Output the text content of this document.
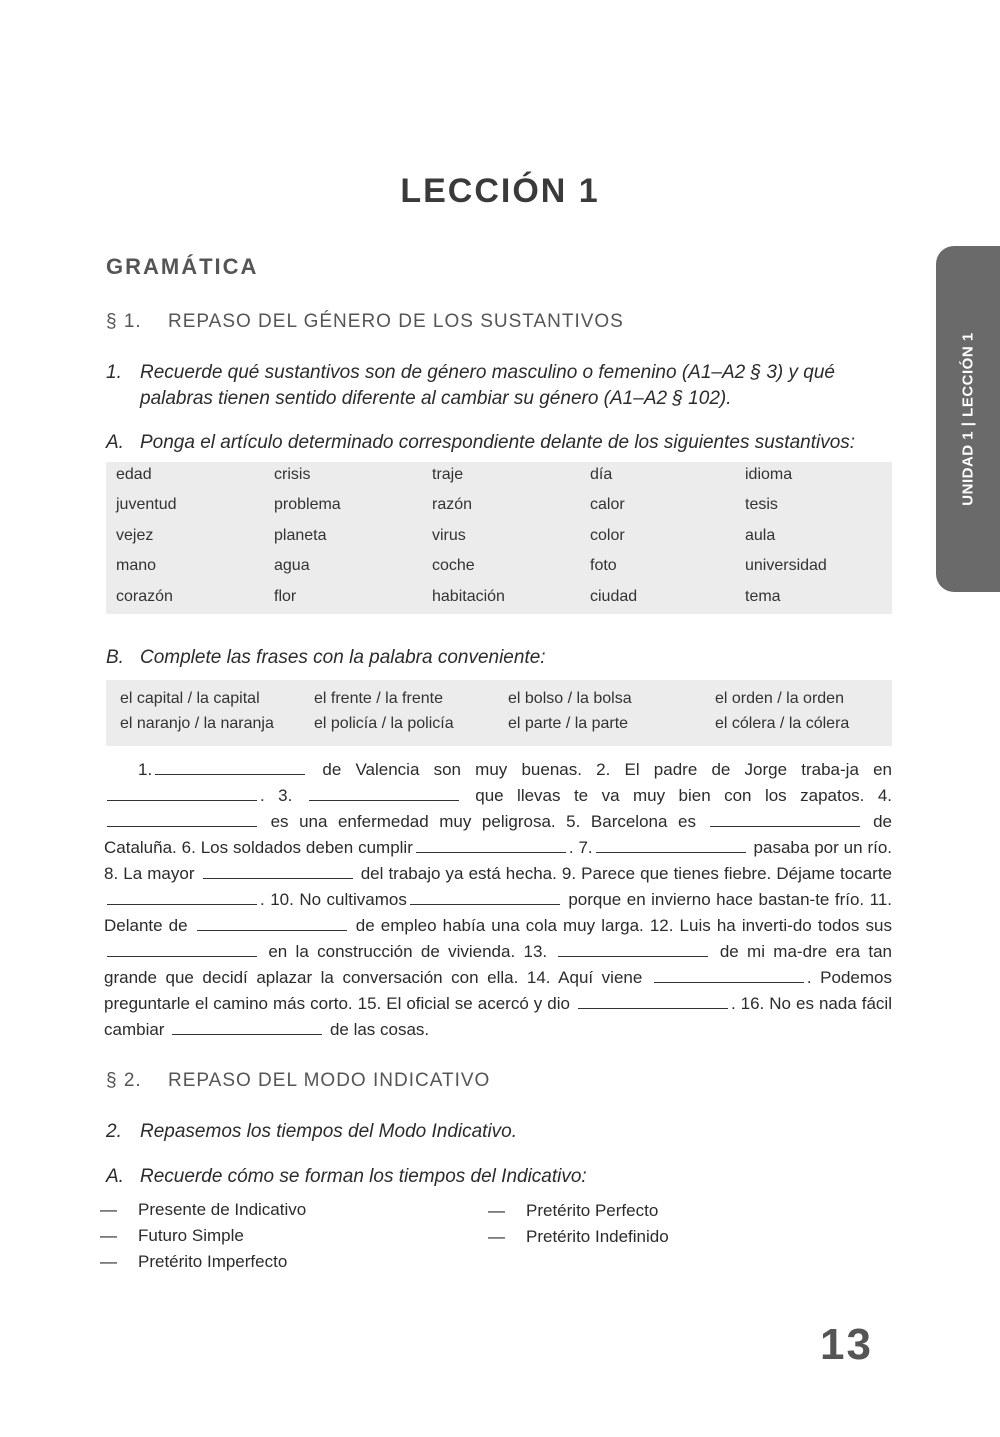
LECCIÓN 1
UNIDAD 1 | LECCIÓN 1
GRAMÁTICA
§ 1. REPASO DEL GÉNERO DE LOS SUSTANTIVOS
1. Recuerde qué sustantivos son de género masculino o femenino (A1–A2 § 3) y qué
palabras tienen sentido diferente al cambiar su género (A1–A2 § 102).
A. Ponga el artículo determinado correspondiente delante de los siguientes sustantivos:
edad	crisis	traje	día	idioma
juventud	problema	razón	calor	tesis
vejez	planeta	virus	color	aula
mano	agua	coche	foto	universidad
corazón	flor	habitación	ciudad	tema
B. Complete las frases con la palabra conveniente:
el capital / la capital	el frente / la frente	el bolso / la bolsa	el orden / la orden
el naranjo / la naranja	el policía / la policía	el parte / la parte	el cólera / la cólera
1.	de Valencia son muy buenas. 2. El padre de Jorge traba-ja en . 3.	que llevas te va muy bien con los zapatos. 4. es una enfermedad muy peligrosa. 5. Barcelona es	de Cataluña. 6. Los soldados deben cumplir	. 7.	pasaba por un río. 8. La mayor	del trabajo ya está hecha. 9. Parece que tienes fiebre. Déjame tocarte. 10. No cultivamos	porque en invierno hace bastan-te frío. 11. Delante de	de empleo había una cola muy larga. 12. Luis ha inverti-do todos sus  en la construcción de vivienda. 13.	de mi ma-dre era tan grande que decidí aplazar la conversación con ella. 14. Aquí viene	. Podemos preguntarle el camino más corto. 15. El oficial se acercó y dio	. 16. No es nada fácil cambiar	de las cosas.
§ 2. REPASO DEL MODO INDICATIVO
2. Repasemos los tiempos del Modo Indicativo.
A. Recuerde cómo se forman los tiempos del Indicativo:
— Presente de Indicativo
— Futuro Simple
— Pretérito Imperfecto
— Pretérito Perfecto
— Pretérito Indefinido
13
